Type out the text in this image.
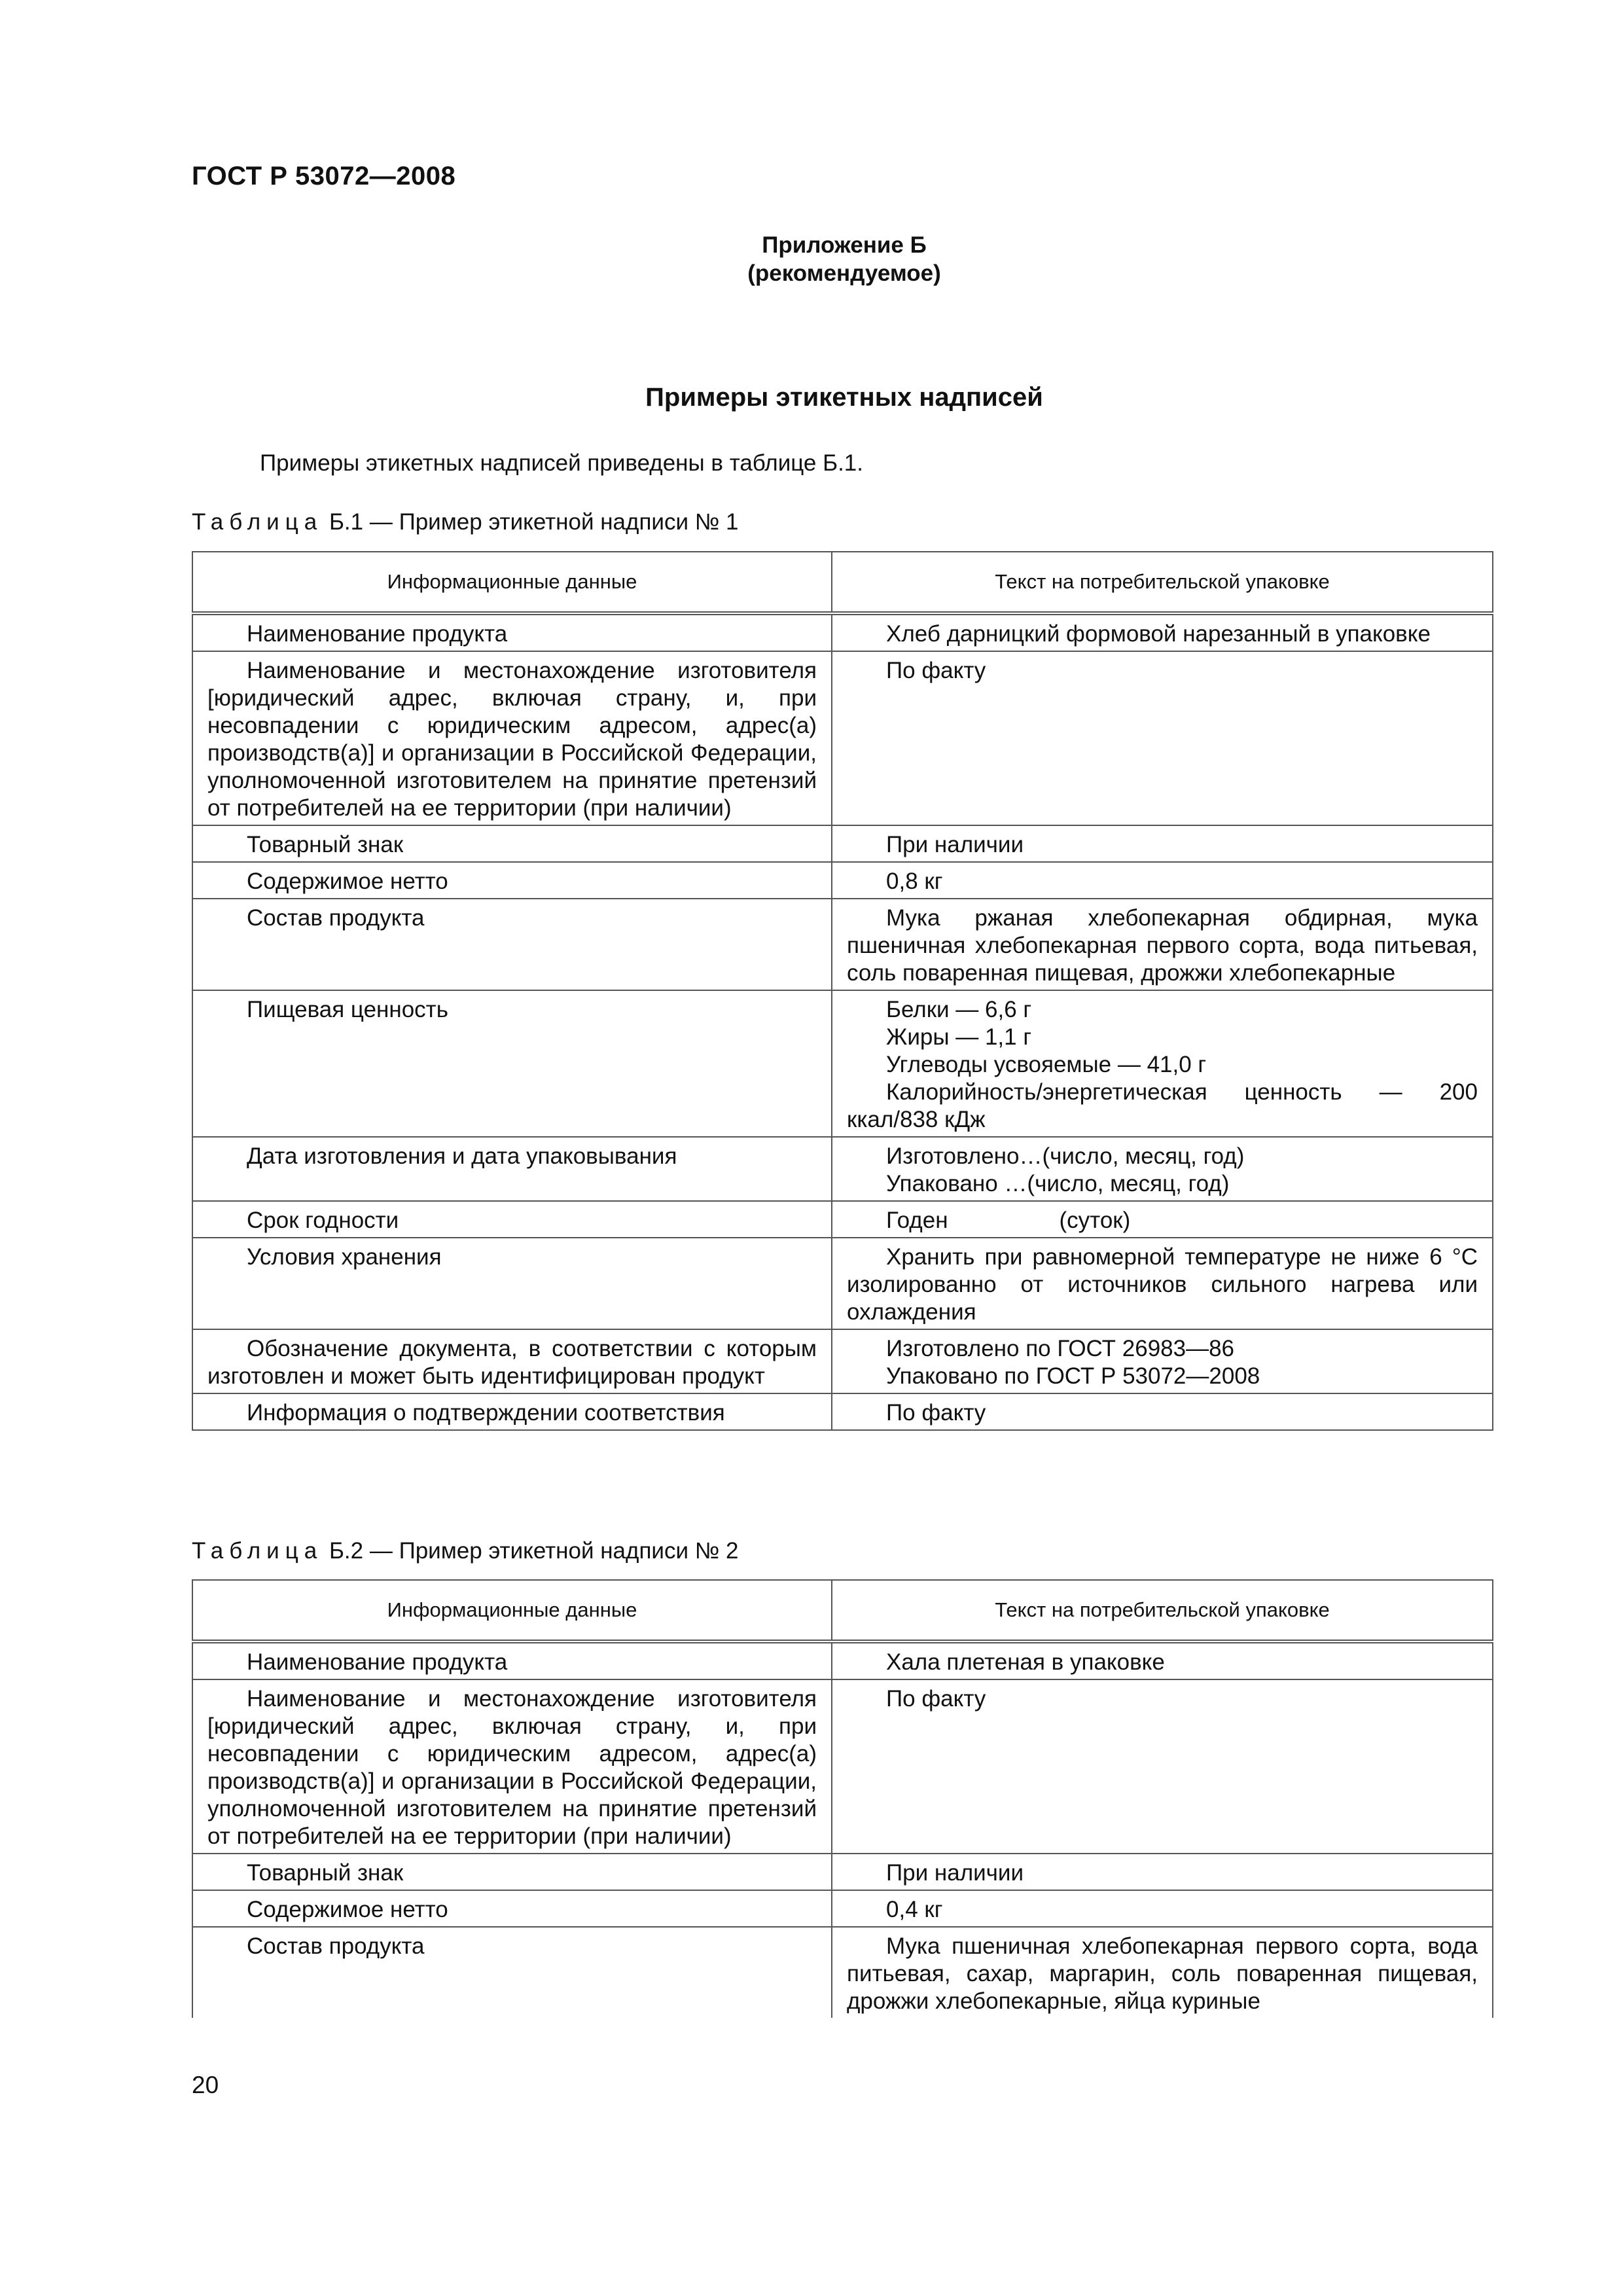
ГОСТ Р 53072—2008
Приложение Б
(рекомендуемое)
Примеры этикетных надписей
Примеры этикетных надписей приведены в таблице Б.1.
Таблица Б.1 — Пример этикетной надписи № 1
Информационные данные	Текст на потребительской упаковке
Наименование продукта	Хлеб дарницкий формовой нарезанный в упаковке
Наименование и местонахождение изготовителя [юридический адрес, включая страну, и, при несовпадении с юридическим адресом, адрес(а) производств(а)] и организации в Российской Федерации, уполномоченной изготовителем на принятие претензий от потребителей на ее территории (при наличии)	По факту
Товарный знак	При наличии
Содержимое нетто	0,8 кг
Состав продукта	Мука ржаная хлебопекарная обдирная, мука пшеничная хлебопекарная первого сорта, вода питьевая, соль поваренная пищевая, дрожжи хлебопекарные
Пищевая ценность	Белки — 6,6 г
Жиры — 1,1 г
Углеводы усвояемые — 41,0 г
Калорийность/энергетическая ценность — 200 ккал/838 кДж

Дата изготовления и дата упаковывания	Изготовлено…(число, месяц, год)
Упаковано …(число, месяц, год)

Срок годности	Годен (суток)
Условия хранения	Хранить при равномерной температуре не ниже 6 °С изолированно от источников сильного нагрева или охлаждения
Обозначение документа, в соответствии с которым изготовлен и может быть идентифицирован продукт	Изготовлено по ГОСТ 26983—86
Упаковано по ГОСТ Р 53072—2008

Информация о подтверждении соответствия	По факту
Таблица Б.2 — Пример этикетной надписи № 2
Информационные данные	Текст на потребительской упаковке
Наименование продукта	Хала плетеная в упаковке
Наименование и местонахождение изготовителя [юридический адрес, включая страну, и, при несовпадении с юридическим адресом, адрес(а) производств(а)] и организации в Российской Федерации, уполномоченной изготовителем на принятие претензий от потребителей на ее территории (при наличии)	По факту
Товарный знак	При наличии
Содержимое нетто	0,4 кг
Состав продукта	Мука пшеничная хлебопекарная первого сорта, вода питьевая, сахар, маргарин, соль поваренная пищевая, дрожжи хлебопекарные, яйца куриные
20
